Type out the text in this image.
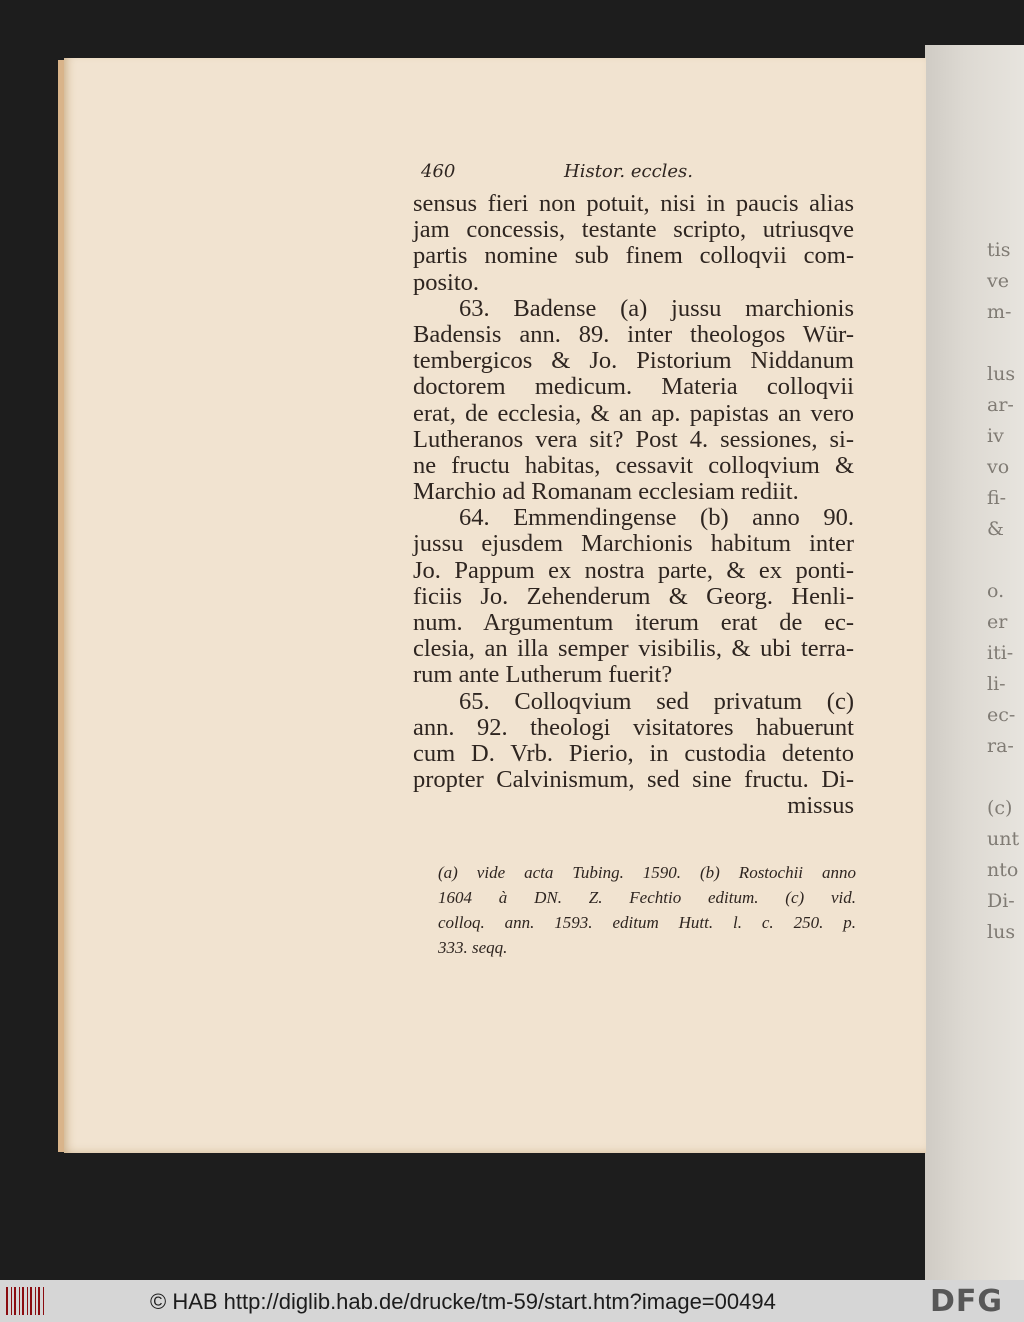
tis
ve
m-

lus
ar-
iv
vo
fi-
&

o.
er
iti-
li-
ec-
ra-

(c)
unt
nto
Di-
lus
460	Histor. eccles.
sensus fieri non potuit, nisi in paucis alias
jam concessis, testante scripto, utriusqve
partis nomine sub finem colloqvii com-
posito.
63. Badense (a) jussu marchionis
Badensis ann. 89. inter theologos Wür-
tembergicos & Jo. Pistorium Niddanum
doctorem medicum. Materia colloqvii
erat, de ecclesia, & an ap. papistas an vero
Lutheranos vera sit? Post 4. sessiones, si-
ne fructu habitas, cessavit colloqvium &
Marchio ad Romanam ecclesiam rediit.
64. Emmendingense (b) anno 90.
jussu ejusdem Marchionis habitum inter
Jo. Pappum ex nostra parte, & ex ponti-
ficiis Jo. Zehenderum & Georg. Henli-
num. Argumentum iterum erat de ec-
clesia, an illa semper visibilis, & ubi terra-
rum ante Lutherum fuerit?
65. Colloqvium sed privatum (c)
ann. 92. theologi visitatores habuerunt
cum D. Vrb. Pierio, in custodia detento
propter Calvinismum, sed sine fructu. Di-
missus
(a) vide acta Tubing. 1590. (b) Rostochii anno
1604 à DN. Z. Fechtio editum. (c) vid.
colloq. ann. 1593. editum Hutt. l. c. 250. p.
333. seqq.
© HAB http://diglib.hab.de/drucke/tm-59/start.htm?image=00494	DFG
